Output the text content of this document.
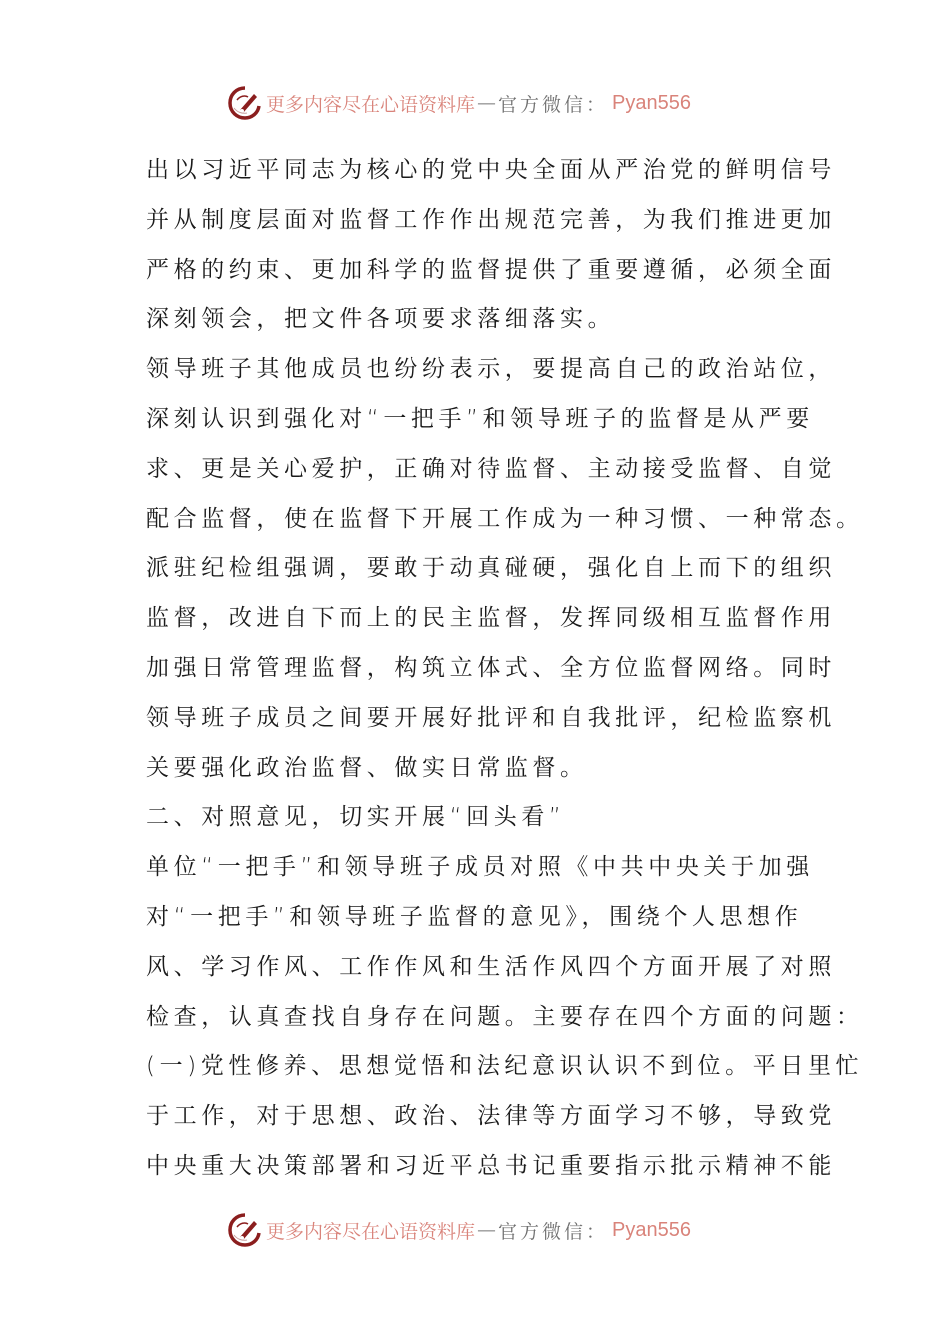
更多内容尽在心语资料库 — 官方微信： Pyan556
出以习近平同志为核心的党中央全面从严治党的鲜明信号
并从制度层面对监督工作作出规范完善，为我们推进更加
严格的约束、更加科学的监督提供了重要遵循，必须全面
深刻领会，把文件各项要求落细落实。
领导班子其他成员也纷纷表示，要提高自己的政治站位，
深刻认识到强化对“一把手”和领导班子的监督是从严要
求、更是关心爱护，正确对待监督、主动接受监督、自觉
配合监督，使在监督下开展工作成为一种习惯、一种常态。
派驻纪检组强调，要敢于动真碰硬，强化自上而下的组织
监督，改进自下而上的民主监督，发挥同级相互监督作用
加强日常管理监督，构筑立体式、全方位监督网络。同时
领导班子成员之间要开展好批评和自我批评，纪检监察机
关要强化政治监督、做实日常监督。
二、对照意见，切实开展“回头看”
单位“一把手”和领导班子成员对照《中共中央关于加强
对“一把手”和领导班子监督的意见》，围绕个人思想作
风、学习作风、工作作风和生活作风四个方面开展了对照
检查，认真查找自身存在问题。主要存在四个方面的问题：
(一)党性修养、思想觉悟和法纪意识认识不到位。平日里忙
于工作，对于思想、政治、法律等方面学习不够，导致党
中央重大决策部署和习近平总书记重要指示批示精神不能
更多内容尽在心语资料库 — 官方微信： Pyan556
